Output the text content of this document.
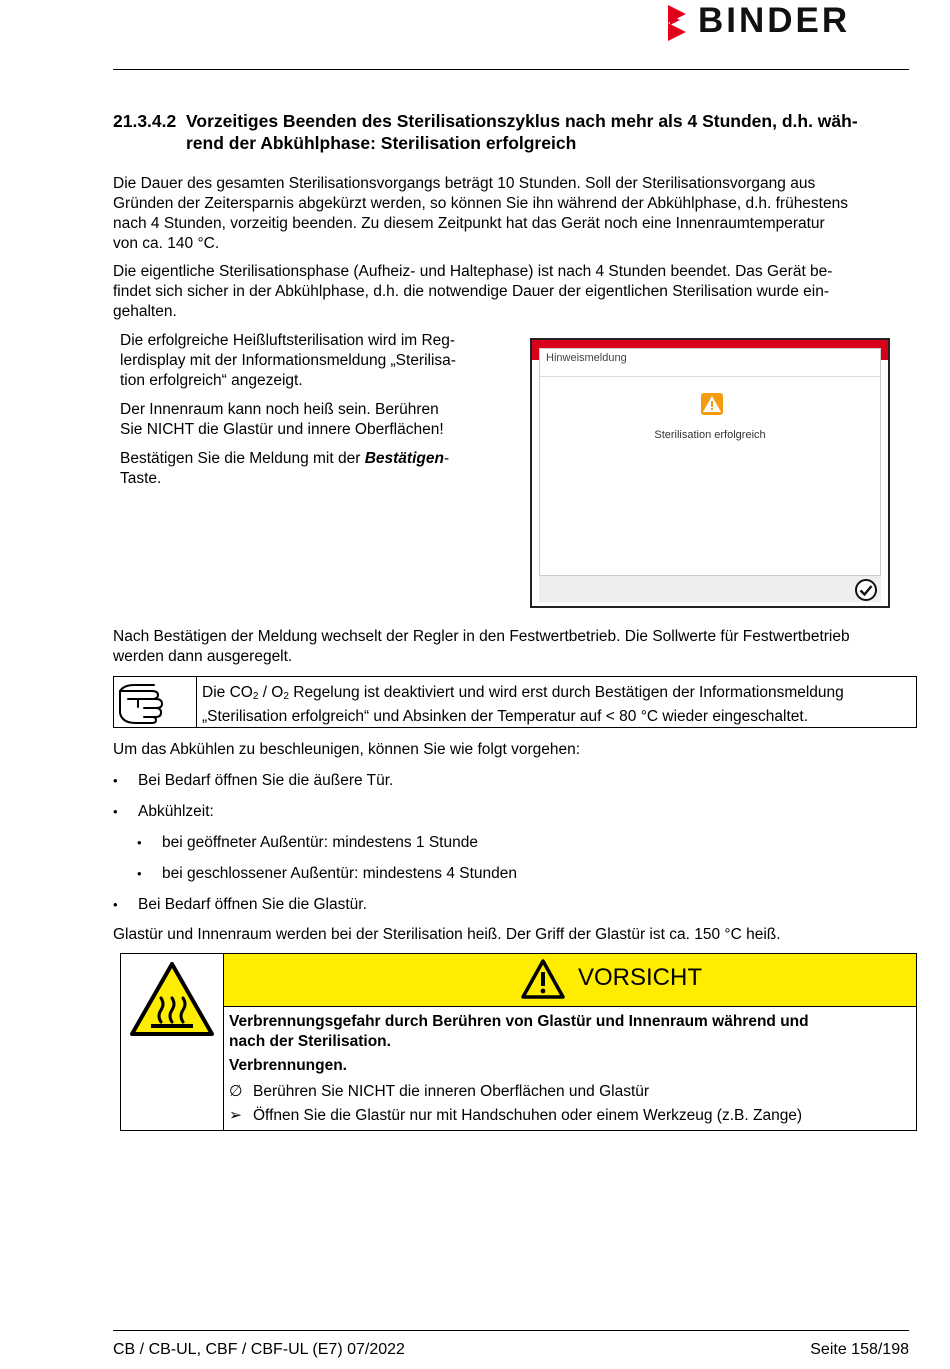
BINDER
21.3.4.2 Vorzeitiges Beenden des Sterilisationszyklus nach mehr als 4 Stunden, d.h. wäh-
rend der Abkühlphase: Sterilisation erfolgreich
Die Dauer des gesamten Sterilisationsvorgangs beträgt 10 Stunden. Soll der Sterilisationsvorgang aus
Gründen der Zeitersparnis abgekürzt werden, so können Sie ihn während der Abkühlphase, d.h. frühestens
nach 4 Stunden, vorzeitig beenden. Zu diesem Zeitpunkt hat das Gerät noch eine Innenraumtemperatur
von ca. 140 °C.
Die eigentliche Sterilisationsphase (Aufheiz- und Haltephase) ist nach 4 Stunden beendet. Das Gerät be-
findet sich sicher in der Abkühlphase, d.h. die notwendige Dauer der eigentlichen Sterilisation wurde ein-
gehalten.

Die erfolgreiche Heißluftsterilisation wird im Reg-
lerdisplay mit der Informationsmeldung „Sterilisa-
tion erfolgreich“ angezeigt.

Der Innenraum kann noch heiß sein. Berühren
Sie NICHT die Glastür und innere Oberflächen!

Bestätigen Sie die Meldung mit der Bestätigen-
Taste.

Hinweismeldung
Sterilisation erfolgreich
Nach Bestätigen der Meldung wechselt der Regler in den Festwertbetrieb. Die Sollwerte für Festwertbetrieb
werden dann ausgeregelt.
Die $CO_2 / O_2$ Regelung ist deaktiviert und wird erst durch Bestätigen der Informationsmeldung
„Sterilisation erfolgreich“ und Absinken der Temperatur auf < 80 °C wieder eingeschaltet.
Um das Abkühlen zu beschleunigen, können Sie wie folgt vorgehen:
• Bei Bedarf öffnen Sie die äußere Tür.
• Abkühlzeit:
• bei geöffneter Außentür: mindestens 1 Stunde
• bei geschlossener Außentür: mindestens 4 Stunden
• Bei Bedarf öffnen Sie die Glastür.
Glastür und Innenraum werden bei der Sterilisation heiß. Der Griff der Glastür ist ca. 150 °C heiß.
VORSICHT

Verbrennungsgefahr durch Berühren von Glastür und Innenraum während und
nach der Sterilisation.

Verbrennungen.

∅ Berühren Sie NICHT die inneren Oberflächen und Glastür

➢ Öffnen Sie die Glastür nur mit Handschuhen oder einem Werkzeug (z.B. Zange)

CB / CB-UL, CBF / CBF-UL (E7) 07/2022	Seite 158/198
